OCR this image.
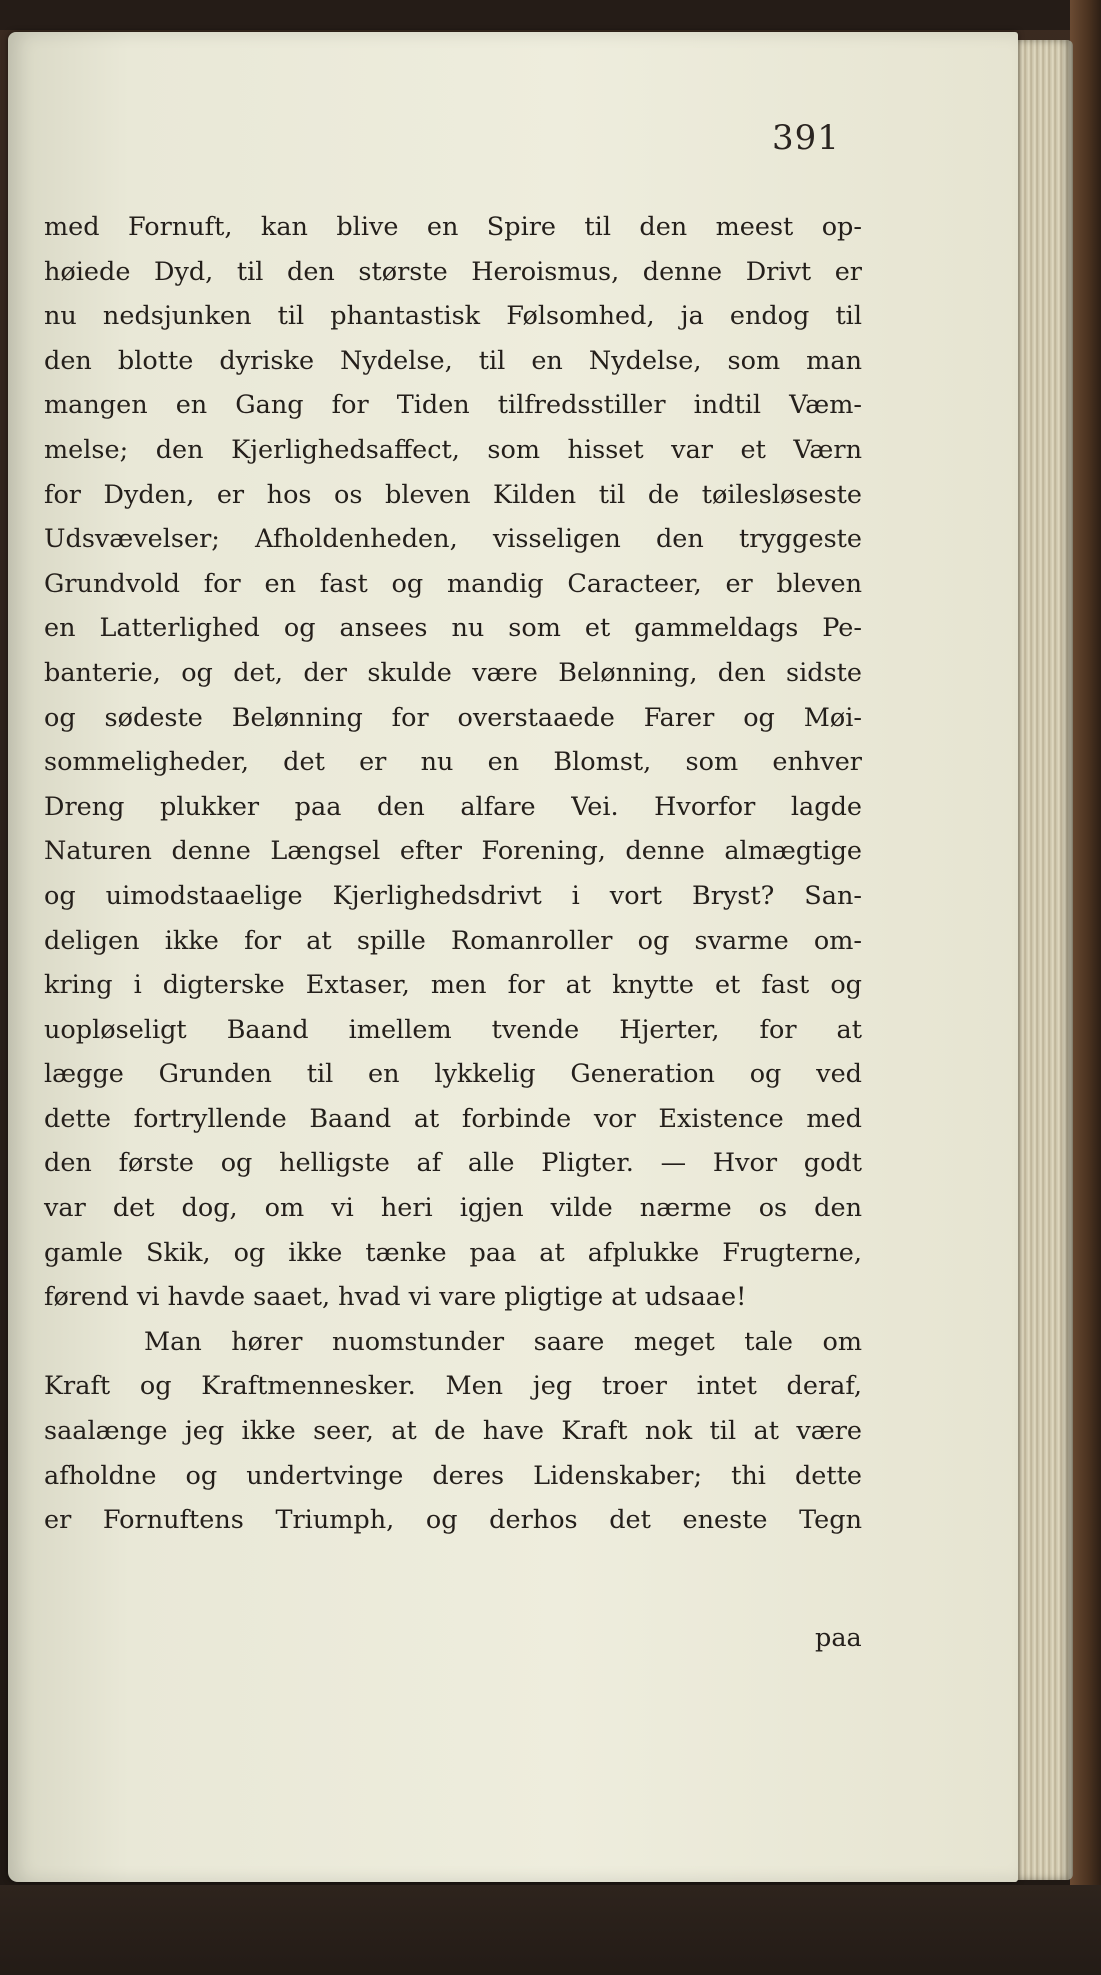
391
med Fornuft, kan blive en Spire til den meest op-
høiede Dyd, til den største Heroismus, denne Drivt er
nu nedsjunken til phantastisk Følsomhed, ja endog til
den blotte dyriske Nydelse, til en Nydelse, som man
mangen en Gang for Tiden tilfredsstiller indtil Væm-
melse; den Kjerlighedsaffect, som hisset var et Værn
for Dyden, er hos os bleven Kilden til de tøilesløseste
Udsvævelser; Afholdenheden, visseligen den tryggeste
Grundvold for en fast og mandig Caracteer, er bleven
en Latterlighed og ansees nu som et gammeldags Pe-
banterie, og det, der skulde være Belønning, den sidste
og sødeste Belønning for overstaaede Farer og Møi-
sommeligheder, det er nu en Blomst, som enhver
Dreng plukker paa den alfare Vei. Hvorfor lagde
Naturen denne Længsel efter Forening, denne almægtige
og uimodstaaelige Kjerlighedsdrivt i vort Bryst? San-
deligen ikke for at spille Romanroller og svarme om-
kring i digterske Extaser, men for at knytte et fast og
uopløseligt Baand imellem tvende Hjerter, for at
lægge Grunden til en lykkelig Generation og ved
dette fortryllende Baand at forbinde vor Existence med
den første og helligste af alle Pligter. — Hvor godt
var det dog, om vi heri igjen vilde nærme os den
gamle Skik, og ikke tænke paa at afplukke Frugterne,
førend vi havde saaet, hvad vi vare pligtige at udsaae!
Man hører nuomstunder saare meget tale om
Kraft og Kraftmennesker. Men jeg troer intet deraf,
saalænge jeg ikke seer, at de have Kraft nok til at være
afholdne og undertvinge deres Lidenskaber; thi dette
er Fornuftens Triumph, og derhos det eneste Tegn
paa
